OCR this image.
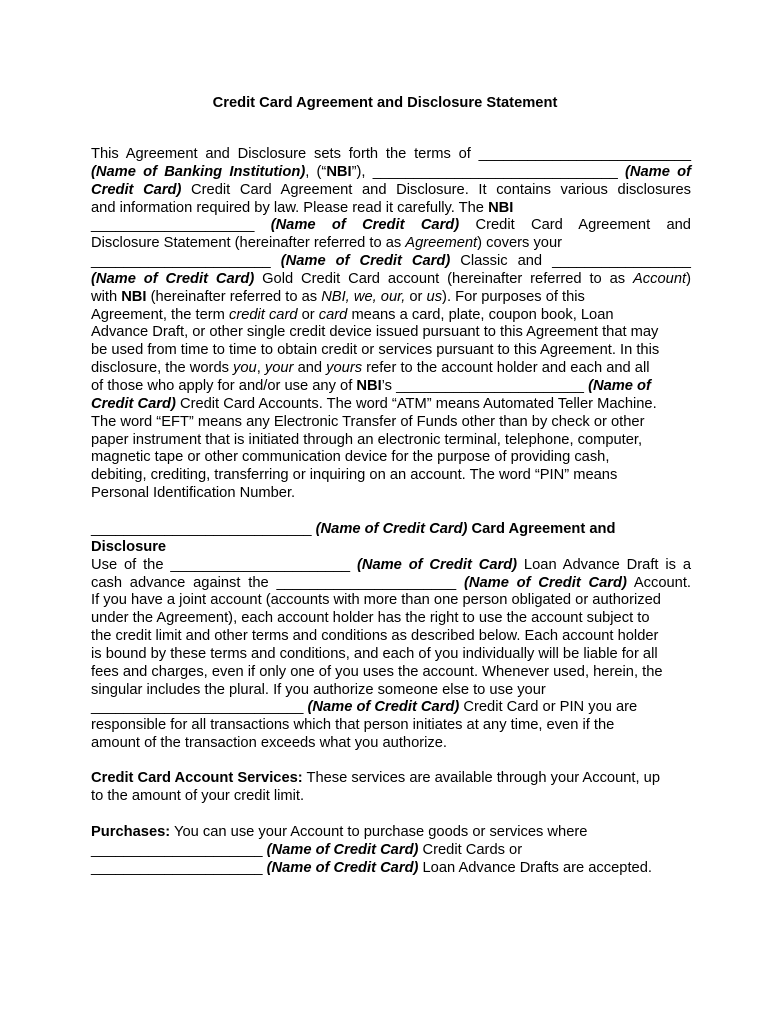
Credit Card Agreement and Disclosure Statement
This Agreement and Disclosure sets forth the terms of __________________________
(Name of Banking Institution), (“NBI”), ______________________________ (Name of
Credit Card) Credit Card Agreement and Disclosure. It contains various disclosures
and information required by law. Please read it carefully. The NBI
____________________ (Name of Credit Card) Credit Card Agreement and
Disclosure Statement (hereinafter referred to as Agreement) covers your
______________________ (Name of Credit Card) Classic and _________________
(Name of Credit Card) Gold Credit Card account (hereinafter referred to as Account)
with NBI (hereinafter referred to as NBI, we, our, or us). For purposes of this
Agreement, the term credit card or card means a card, plate, coupon book, Loan
Advance Draft, or other single credit device issued pursuant to this Agreement that may
be used from time to time to obtain credit or services pursuant to this Agreement. In this
disclosure, the words you, your and yours refer to the account holder and each and all
of those who apply for and/or use any of NBI’s _______________________ (Name of
Credit Card) Credit Card Accounts. The word “ATM” means Automated Teller Machine.
The word “EFT” means any Electronic Transfer of Funds other than by check or other
paper instrument that is initiated through an electronic terminal, telephone, computer,
magnetic tape or other communication device for the purpose of providing cash,
debiting, crediting, transferring or inquiring on an account. The word “PIN” means
Personal Identification Number.
___________________________ (Name of Credit Card) Card Agreement and
Disclosure
Use of the ______________________ (Name of Credit Card) Loan Advance Draft is a
cash advance against the ______________________ (Name of Credit Card) Account.
If you have a joint account (accounts with more than one person obligated or authorized
under the Agreement), each account holder has the right to use the account subject to
the credit limit and other terms and conditions as described below. Each account holder
is bound by these terms and conditions, and each of you individually will be liable for all
fees and charges, even if only one of you uses the account. Whenever used, herein, the
singular includes the plural. If you authorize someone else to use your
__________________________ (Name of Credit Card) Credit Card or PIN you are
responsible for all transactions which that person initiates at any time, even if the
amount of the transaction exceeds what you authorize.
Credit Card Account Services: These services are available through your Account, up
to the amount of your credit limit.
Purchases: You can use your Account to purchase goods or services where
_____________________ (Name of Credit Card) Credit Cards or
_____________________ (Name of Credit Card) Loan Advance Drafts are accepted.
